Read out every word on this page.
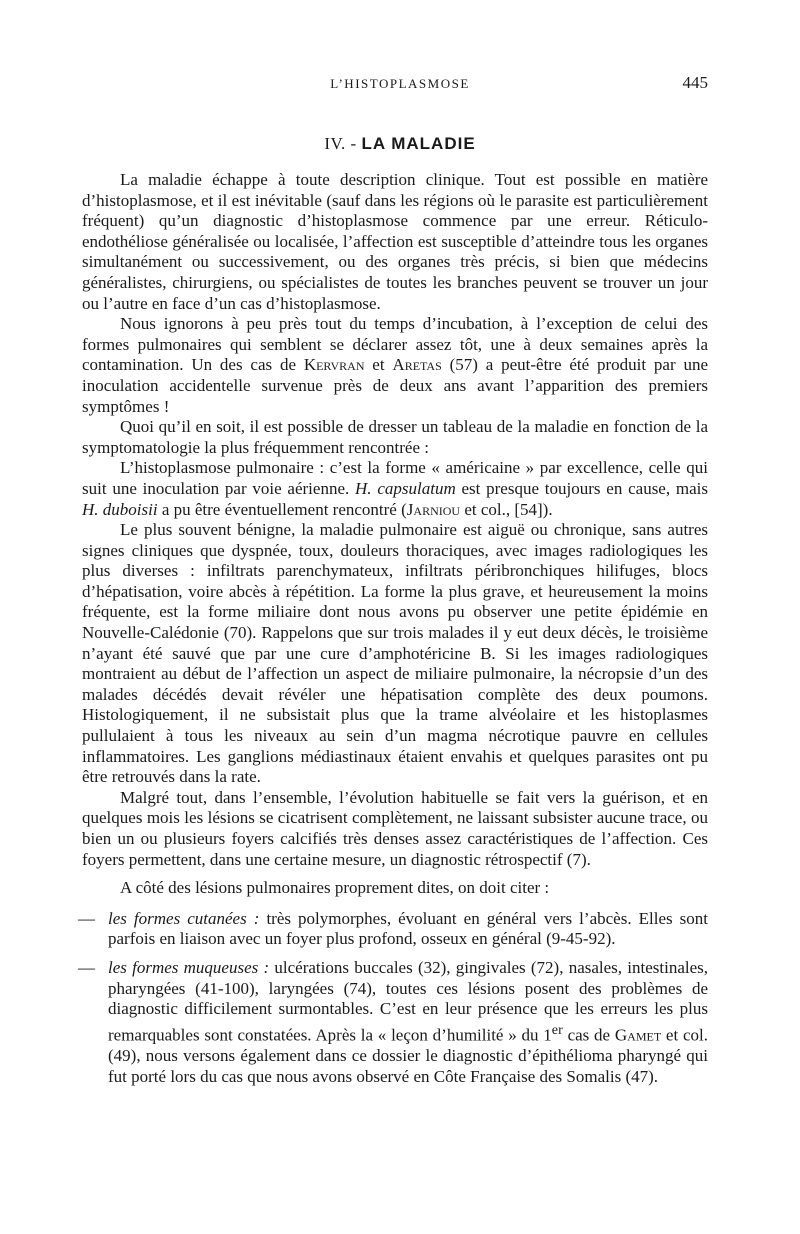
L’HISTOPLASMOSE	445
IV. - LA MALADIE

La maladie échappe à toute description clinique. Tout est possible en matière d’histoplasmose, et il est inévitable (sauf dans les régions où le parasite est particulièrement fréquent) qu’un diagnostic d’histoplasmose commence par une erreur. Réticulo-endothéliose généralisée ou localisée, l’affection est susceptible d’atteindre tous les organes simultanément ou successivement, ou des organes très précis, si bien que médecins généralistes, chirurgiens, ou spécialistes de toutes les branches peuvent se trouver un jour ou l’autre en face d’un cas d’histoplasmose.

Nous ignorons à peu près tout du temps d’incubation, à l’exception de celui des formes pulmonaires qui semblent se déclarer assez tôt, une à deux semaines après la contamination. Un des cas de Kervran et Aretas (57) a peut-être été produit par une inoculation accidentelle survenue près de deux ans avant l’apparition des premiers symptômes !

Quoi qu’il en soit, il est possible de dresser un tableau de la maladie en fonction de la symptomatologie la plus fréquemment rencontrée :

L’histoplasmose pulmonaire : c’est la forme « américaine » par excellence, celle qui suit une inoculation par voie aérienne. H. capsulatum est presque toujours en cause, mais H. duboisii a pu être éventuellement rencontré (Jarniou et col., [54]).

Le plus souvent bénigne, la maladie pulmonaire est aiguë ou chronique, sans autres signes cliniques que dyspnée, toux, douleurs thoraciques, avec images radiologiques les plus diverses : infiltrats parenchymateux, infiltrats péribronchiques hilifuges, blocs d’hépatisation, voire abcès à répétition. La forme la plus grave, et heureusement la moins fréquente, est la forme miliaire dont nous avons pu observer une petite épidémie en Nouvelle-Calédonie (70). Rappelons que sur trois malades il y eut deux décès, le troisième n’ayant été sauvé que par une cure d’amphotéricine B. Si les images radiologiques montraient au début de l’affection un aspect de miliaire pulmonaire, la nécropsie d’un des malades décédés devait révéler une hépatisation complète des deux poumons. Histologiquement, il ne subsistait plus que la trame alvéolaire et les histoplasmes pullulaient à tous les niveaux au sein d’un magma nécrotique pauvre en cellules inflammatoires. Les ganglions médiastinaux étaient envahis et quelques parasites ont pu être retrouvés dans la rate.

Malgré tout, dans l’ensemble, l’évolution habituelle se fait vers la guérison, et en quelques mois les lésions se cicatrisent complètement, ne laissant subsister aucune trace, ou bien un ou plusieurs foyers calcifiés très denses assez caractéristiques de l’affection. Ces foyers permettent, dans une certaine mesure, un diagnostic rétrospectif (7).

A côté des lésions pulmonaires proprement dites, on doit citer :

— les formes cutanées : très polymorphes, évoluant en général vers l’abcès. Elles sont parfois en liaison avec un foyer plus profond, osseux en général (9-45-92).
— les formes muqueuses : ulcérations buccales (32), gingivales (72), nasales, intestinales, pharyngées (41-100), laryngées (74), toutes ces lésions posent des problèmes de diagnostic difficilement surmontables. C’est en leur présence que les erreurs les plus remarquables sont constatées. Après la « leçon d’humilité » du 1er cas de Gamet et col. (49), nous versons également dans ce dossier le diagnostic d’épithélioma pharyngé qui fut porté lors du cas que nous avons observé en Côte Française des Somalis (47).
